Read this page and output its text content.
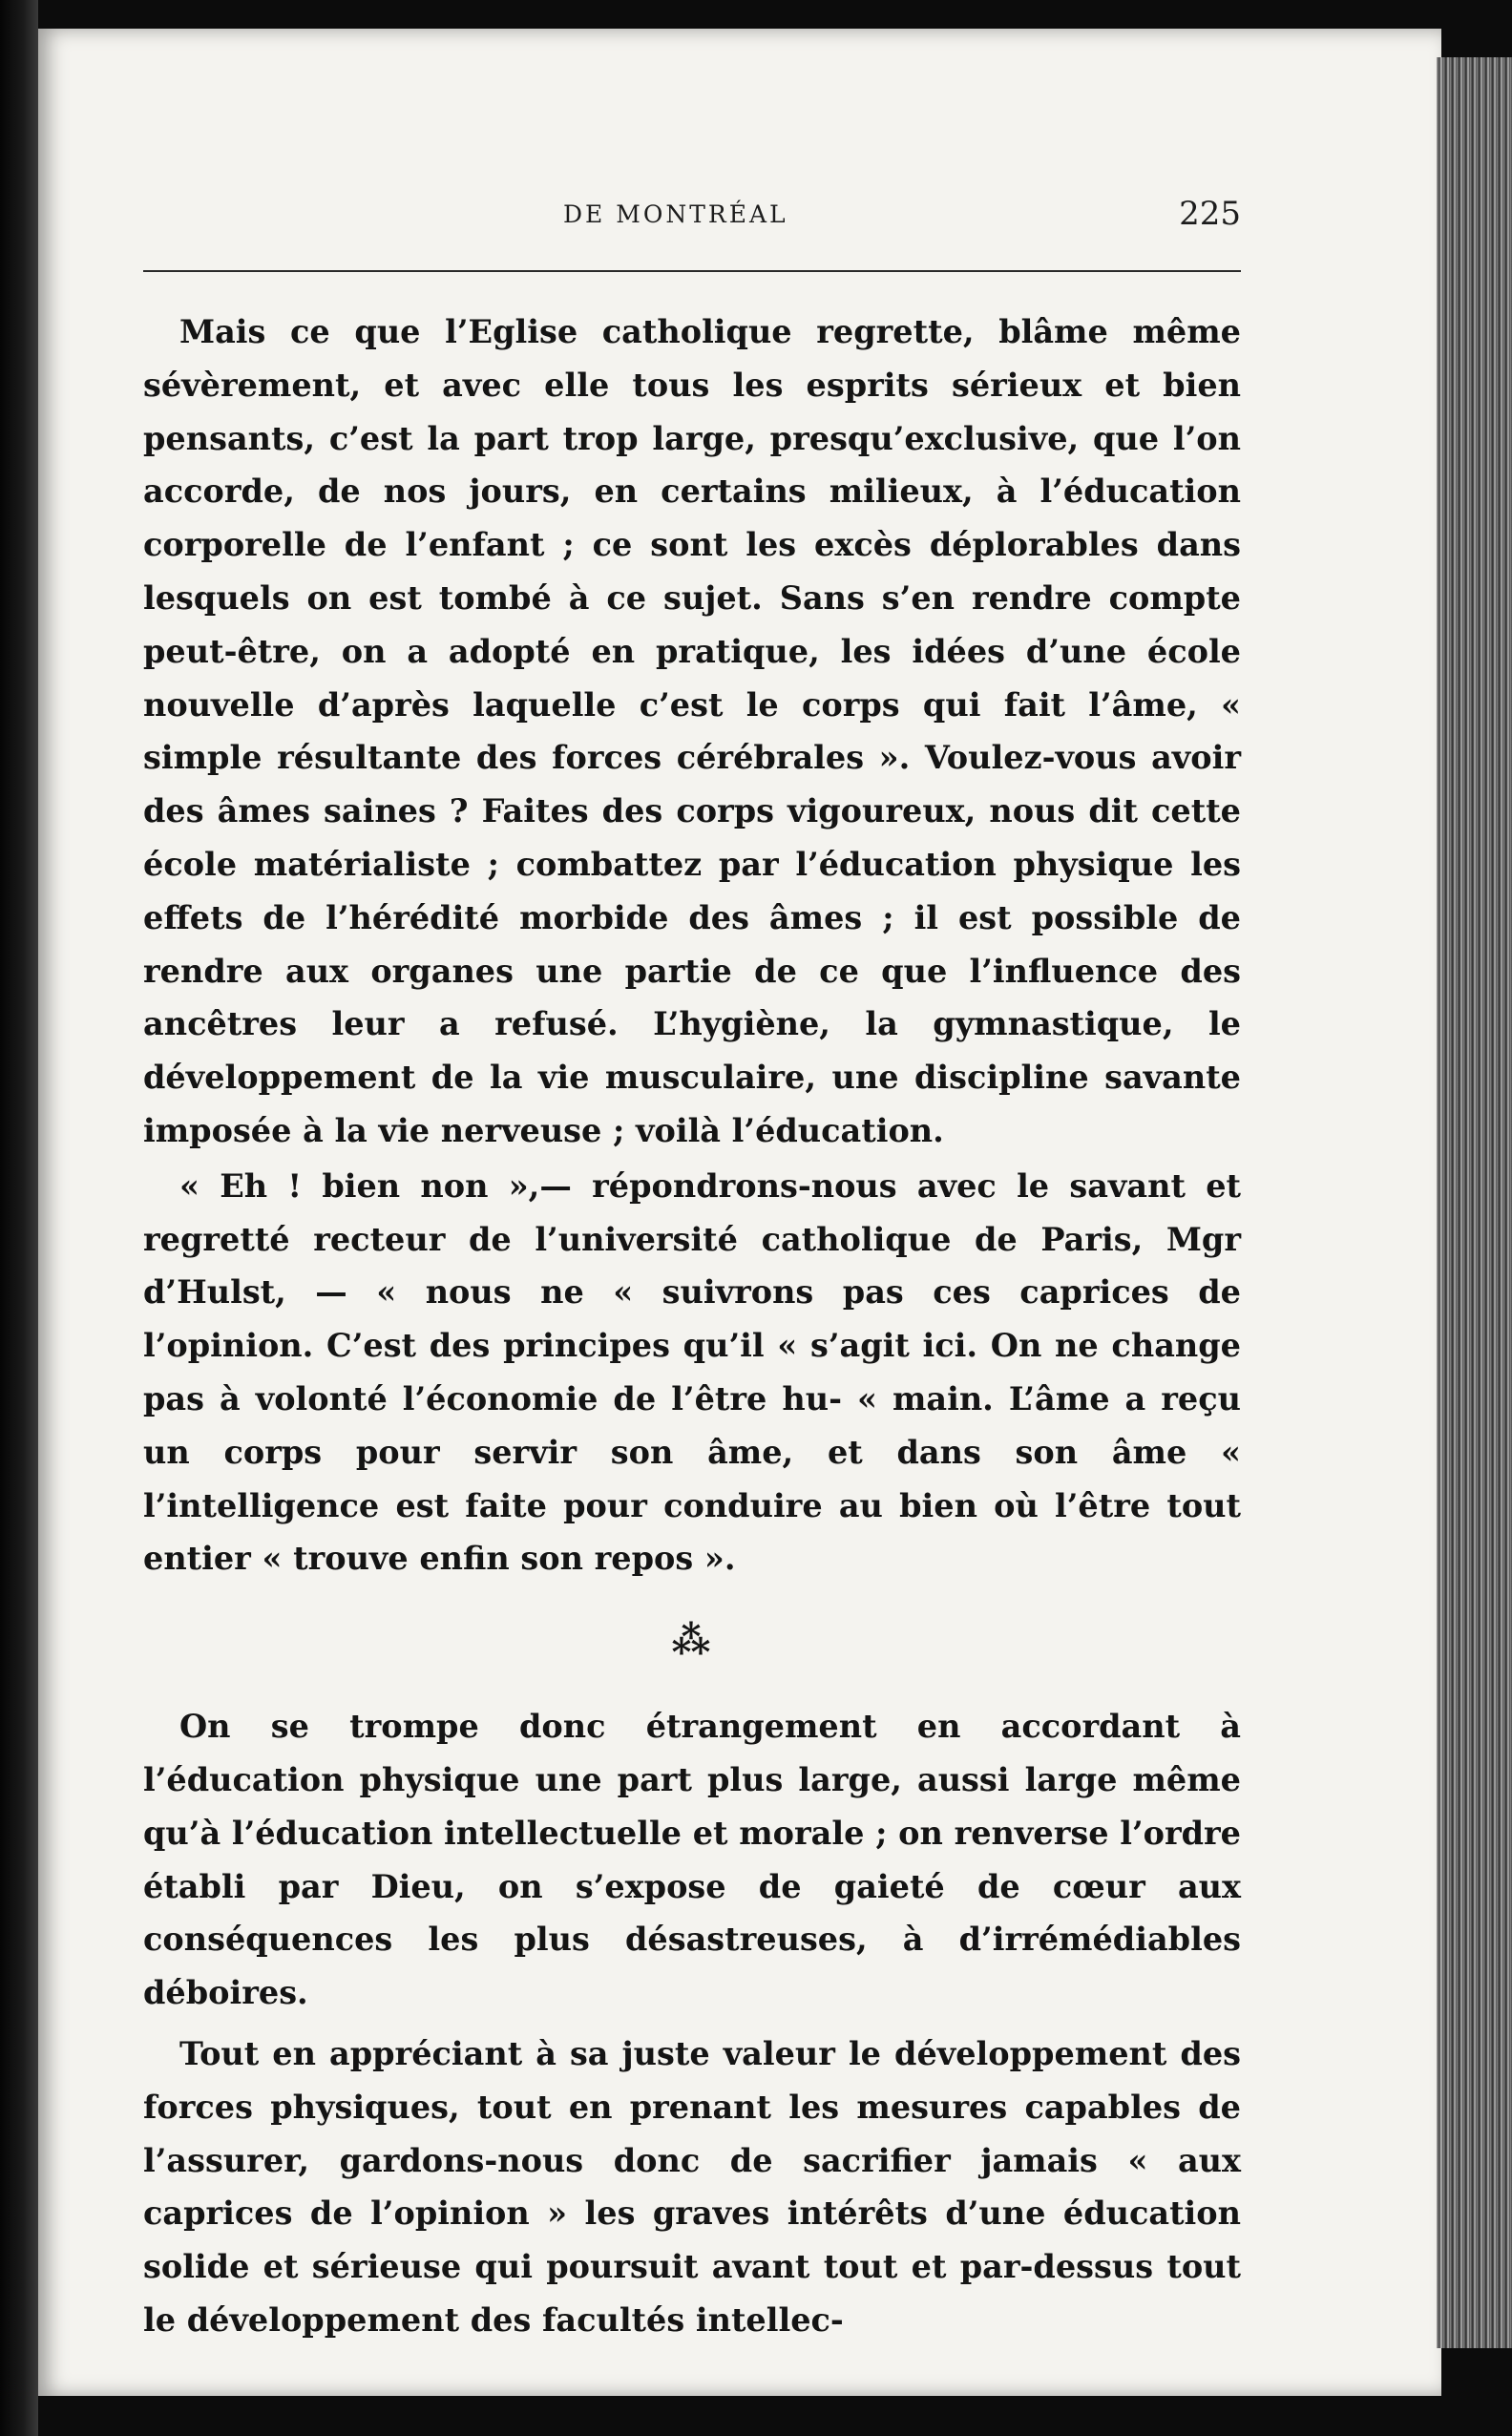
DE MONTRÉAL	225

Mais ce que l’Eglise catholique regrette, blâme même sévèrement, et avec elle tous les esprits sérieux et bien pensants, c’est la part trop large, presqu’exclusive, que l’on accorde, de nos jours, en certains milieux, à l’éducation corporelle de l’enfant ; ce sont les excès déplorables dans lesquels on est tombé à ce sujet. Sans s’en rendre compte peut-être, on a adopté en pratique, les idées d’une école nouvelle d’après laquelle c’est le corps qui fait l’âme, « simple résultante des forces cérébrales ». Voulez-vous avoir des âmes saines ? Faites des corps vigoureux, nous dit cette école matérialiste ; combattez par l’éducation physique les effets de l’hérédité morbide des âmes ; il est possible de rendre aux organes une partie de ce que l’influence des ancêtres leur a refusé. L’hygiène, la gymnastique, le développement de la vie musculaire, une discipline savante imposée à la vie nerveuse ; voilà l’éducation.

« Eh ! bien non »,— répondrons-nous avec le savant et regretté recteur de l’université catholique de Paris, Mgr d’Hulst, — « nous ne « suivrons pas ces caprices de l’opinion. C’est des principes qu’il « s’agit ici. On ne change pas à volonté l’économie de l’être hu- « main. L’âme a reçu un corps pour servir son âme, et dans son âme « l’intelligence est faite pour conduire au bien où l’être tout entier « trouve enfin son repos ».

⁂

On se trompe donc étrangement en accordant à l’éducation physique une part plus large, aussi large même qu’à l’éducation intellectuelle et morale ; on renverse l’ordre établi par Dieu, on s’expose de gaieté de cœur aux conséquences les plus désastreuses, à d’irrémédiables déboires.

Tout en appréciant à sa juste valeur le développement des forces physiques, tout en prenant les mesures capables de l’assurer, gardons-nous donc de sacrifier jamais « aux caprices de l’opinion » les graves intérêts d’une éducation solide et sérieuse qui poursuit avant tout et par-dessus tout le développement des facultés intellec-
